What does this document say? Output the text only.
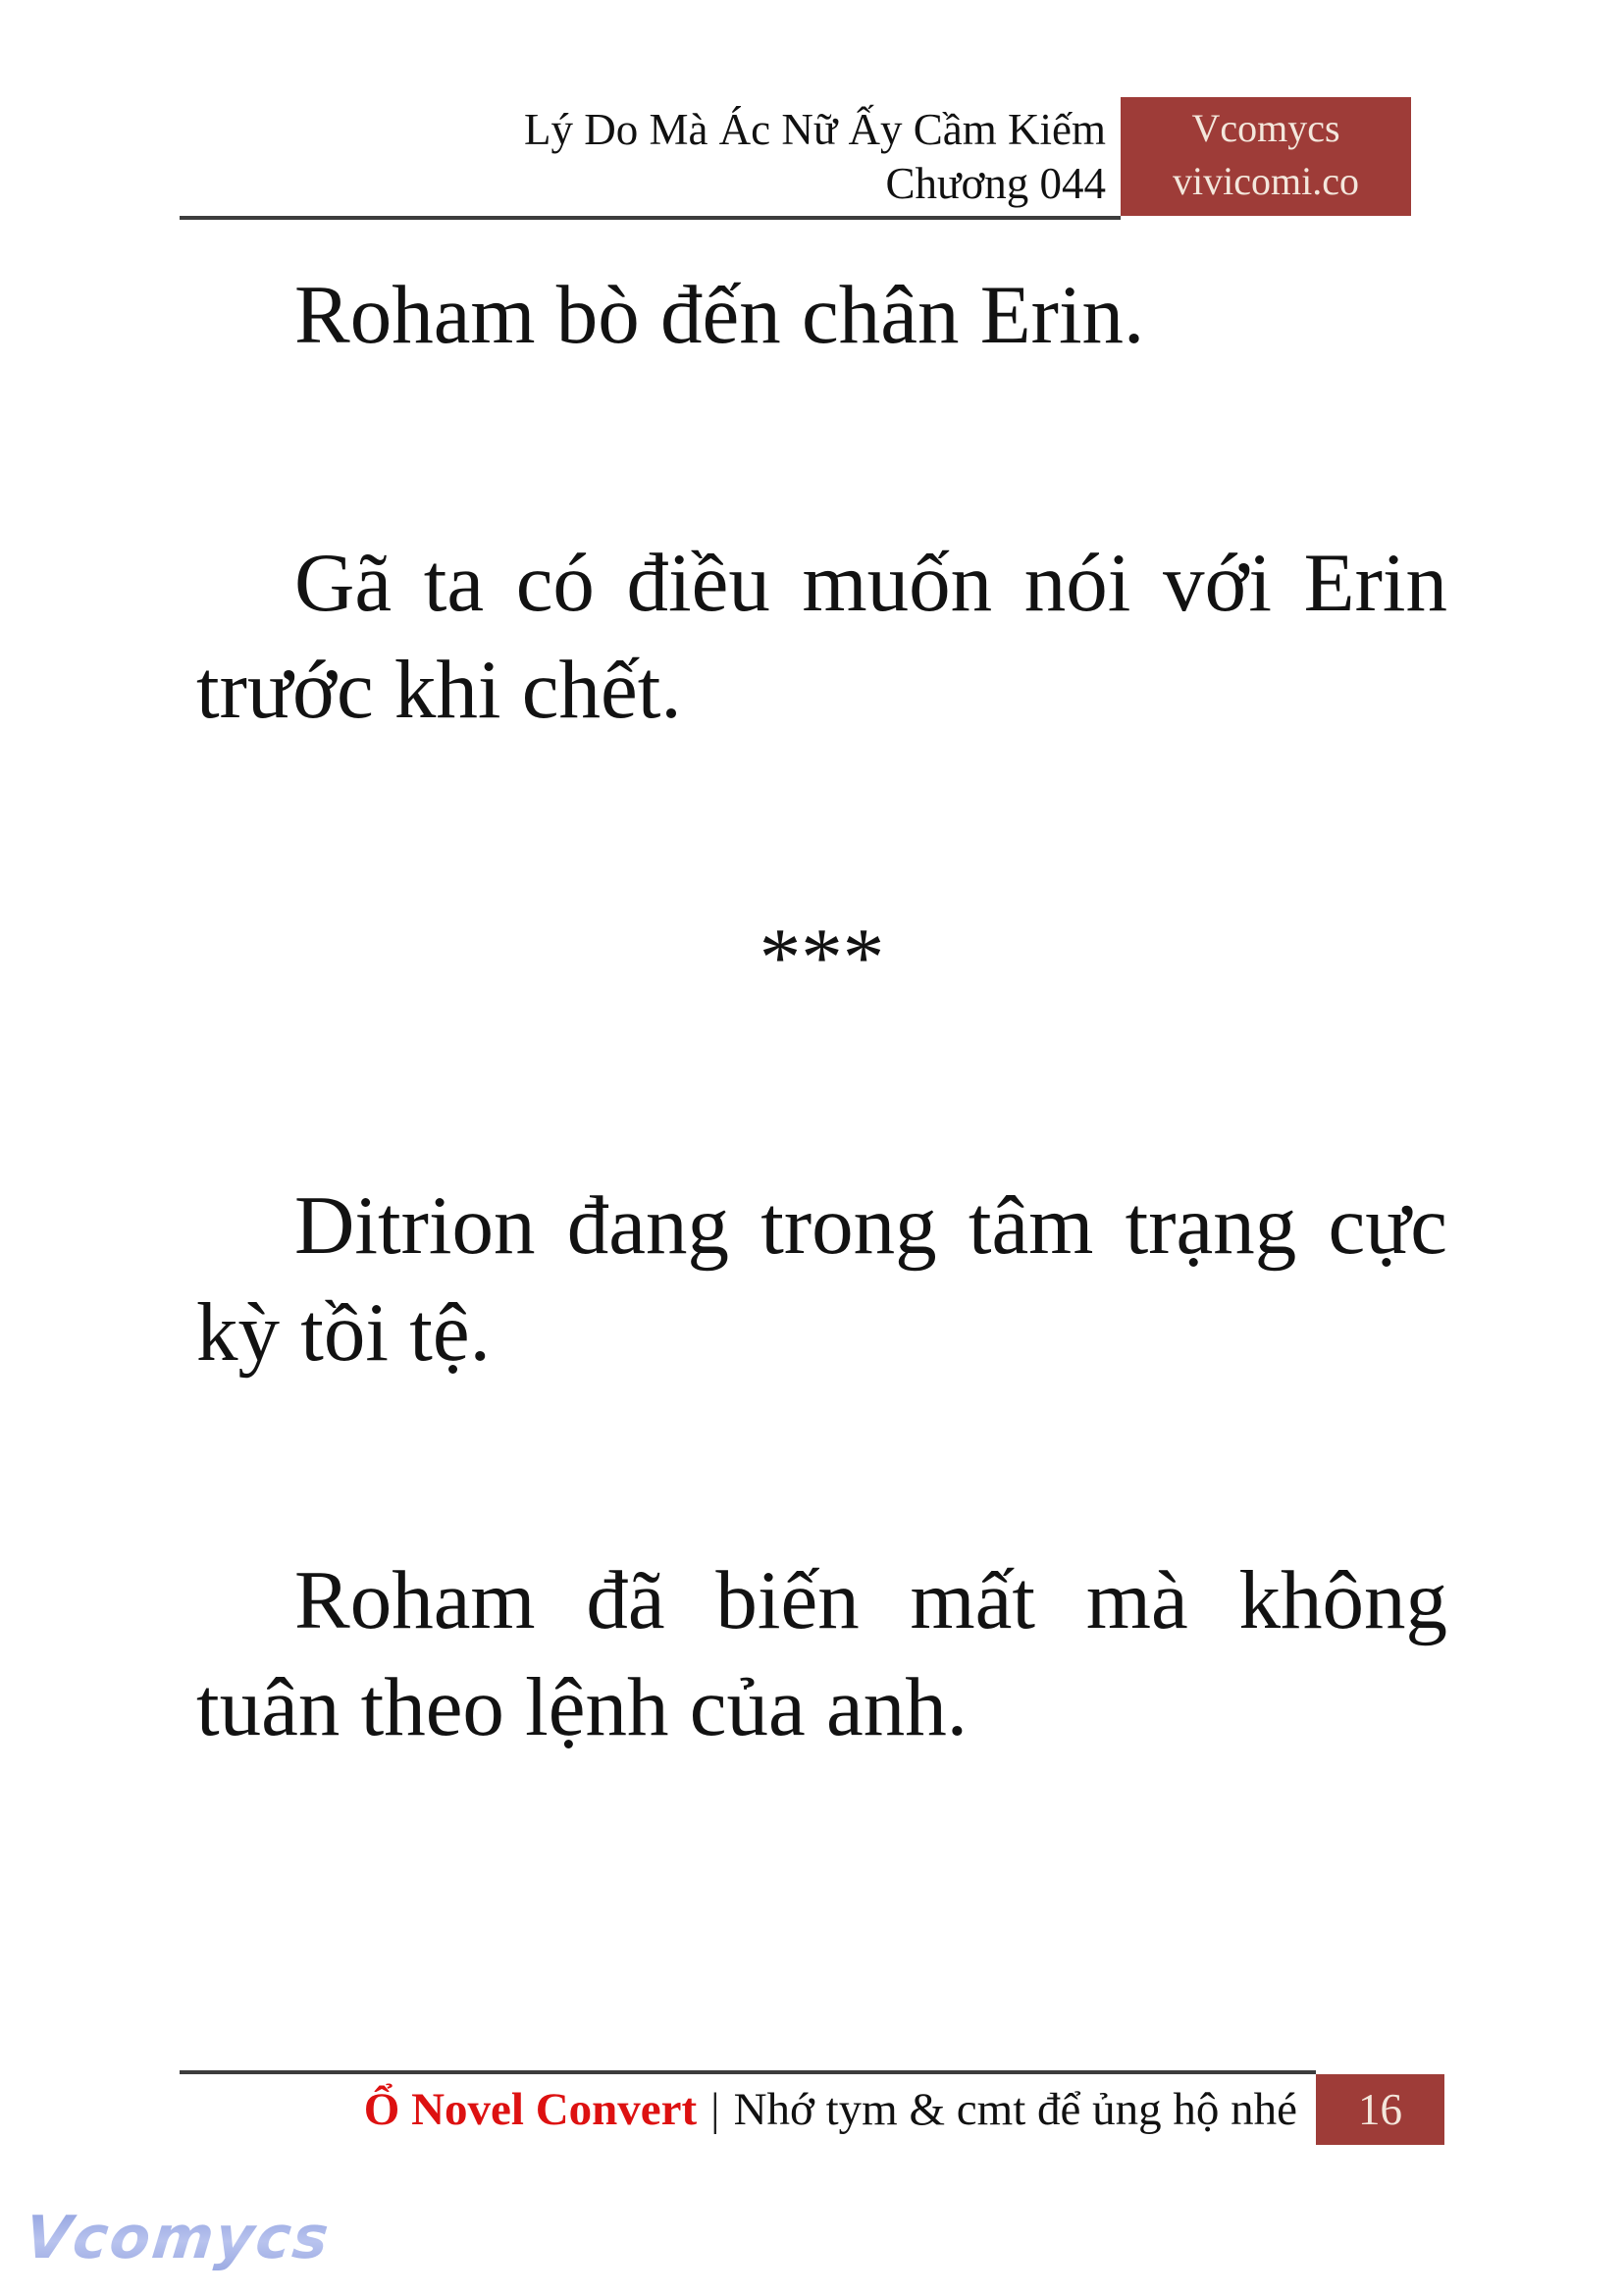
Lý Do Mà Ác Nữ Ấy Cầm Kiếm
Chương 044
Vcomycs
vivicomi.co
Roham bò đến chân Erin.
Gã ta có điều muốn nói với Erin
trước khi chết.
***
Ditrion đang trong tâm trạng cực
kỳ tồi tệ.
Roham đã biến mất mà không
tuân theo lệnh của anh.
Ổ Novel Convert | Nhớ tym & cmt để ủng hộ nhé	16
Vcomycs
